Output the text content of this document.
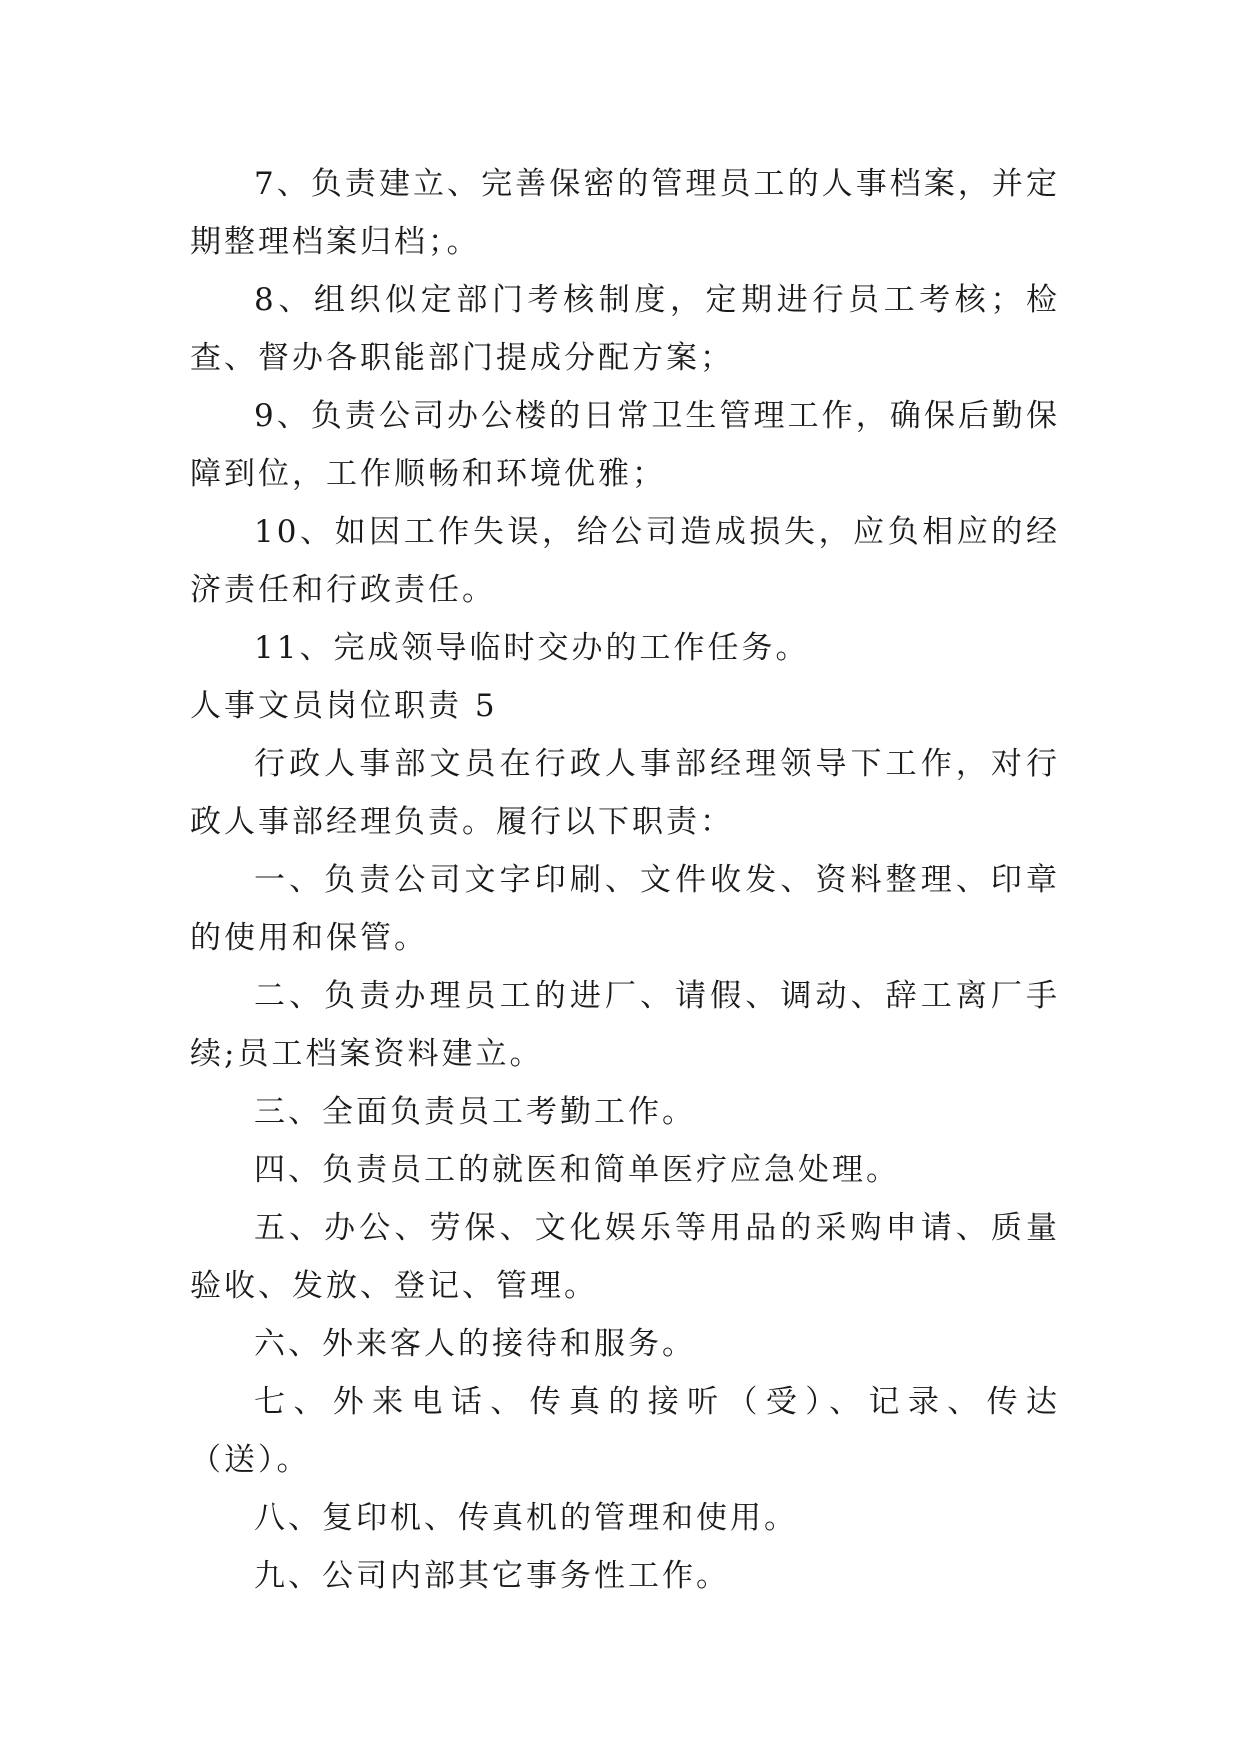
7、负责建立、完善保密的管理员工的人事档案，并定期整理档案归档；。

8、组织似定部门考核制度，定期进行员工考核；检查、督办各职能部门提成分配方案；

9、负责公司办公楼的日常卫生管理工作，确保后勤保障到位，工作顺畅和环境优雅；

10、如因工作失误，给公司造成损失，应负相应的经济责任和行政责任。

11、完成领导临时交办的工作任务。

人事文员岗位职责 5

行政人事部文员在行政人事部经理领导下工作，对行政人事部经理负责。履行以下职责：

一、负责公司文字印刷、文件收发、资料整理、印章的使用和保管。

二、负责办理员工的进厂、请假、调动、辞工离厂手续;员工档案资料建立。

三、全面负责员工考勤工作。

四、负责员工的就医和简单医疗应急处理。

五、办公、劳保、文化娱乐等用品的采购申请、质量验收、发放、登记、管理。

六、外来客人的接待和服务。

七、外来电话、传真的接听（受）、记录、传达（送）。

八、复印机、传真机的管理和使用。

九、公司内部其它事务性工作。
